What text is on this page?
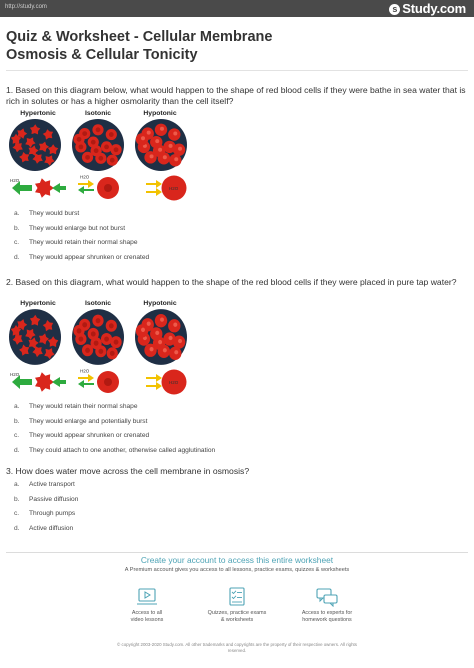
http://study.com	s Study.com
Quiz & Worksheet - Cellular Membrane Osmosis & Cellular Tonicity
1. Based on this diagram below, what would happen to the shape of red blood cells if they were bathe in sea water that is rich in solutes or has a higher osmolarity than the cell itself?
Hypertonic	Isotonic	Hypotonic
H2O
H2O
H2O
a.	They would burst
b.	They would enlarge but not burst
c.	They would retain their normal shape
d.	They would appear shrunken or crenated
2. Based on this diagram, what would happen to the shape of the red blood cells if they were placed in pure tap water?
Hypertonic	Isotonic	Hypotonic
H2O
H2O
H2O
a.	They would retain their normal shape
b.	They would enlarge and potentially burst
c.	They would appear shrunken or crenated
d.	They could attach to one another, otherwise called agglutination
3. How does water move across the cell membrane in osmosis?
a.	Active transport
b.	Passive diffusion
c.	Through pumps
d.	Active diffusion
Create your account to access this entire worksheet
A Premium account gives you access to all lessons, practice exams, quizzes & worksheets
Access to all
video lessons
Quizzes, practice exams
& worksheets
Access to experts for
homework questions
© copyright 2003-2020 Study.com. All other trademarks and copyrights are the property of their respective owners. All rights
reserved.
